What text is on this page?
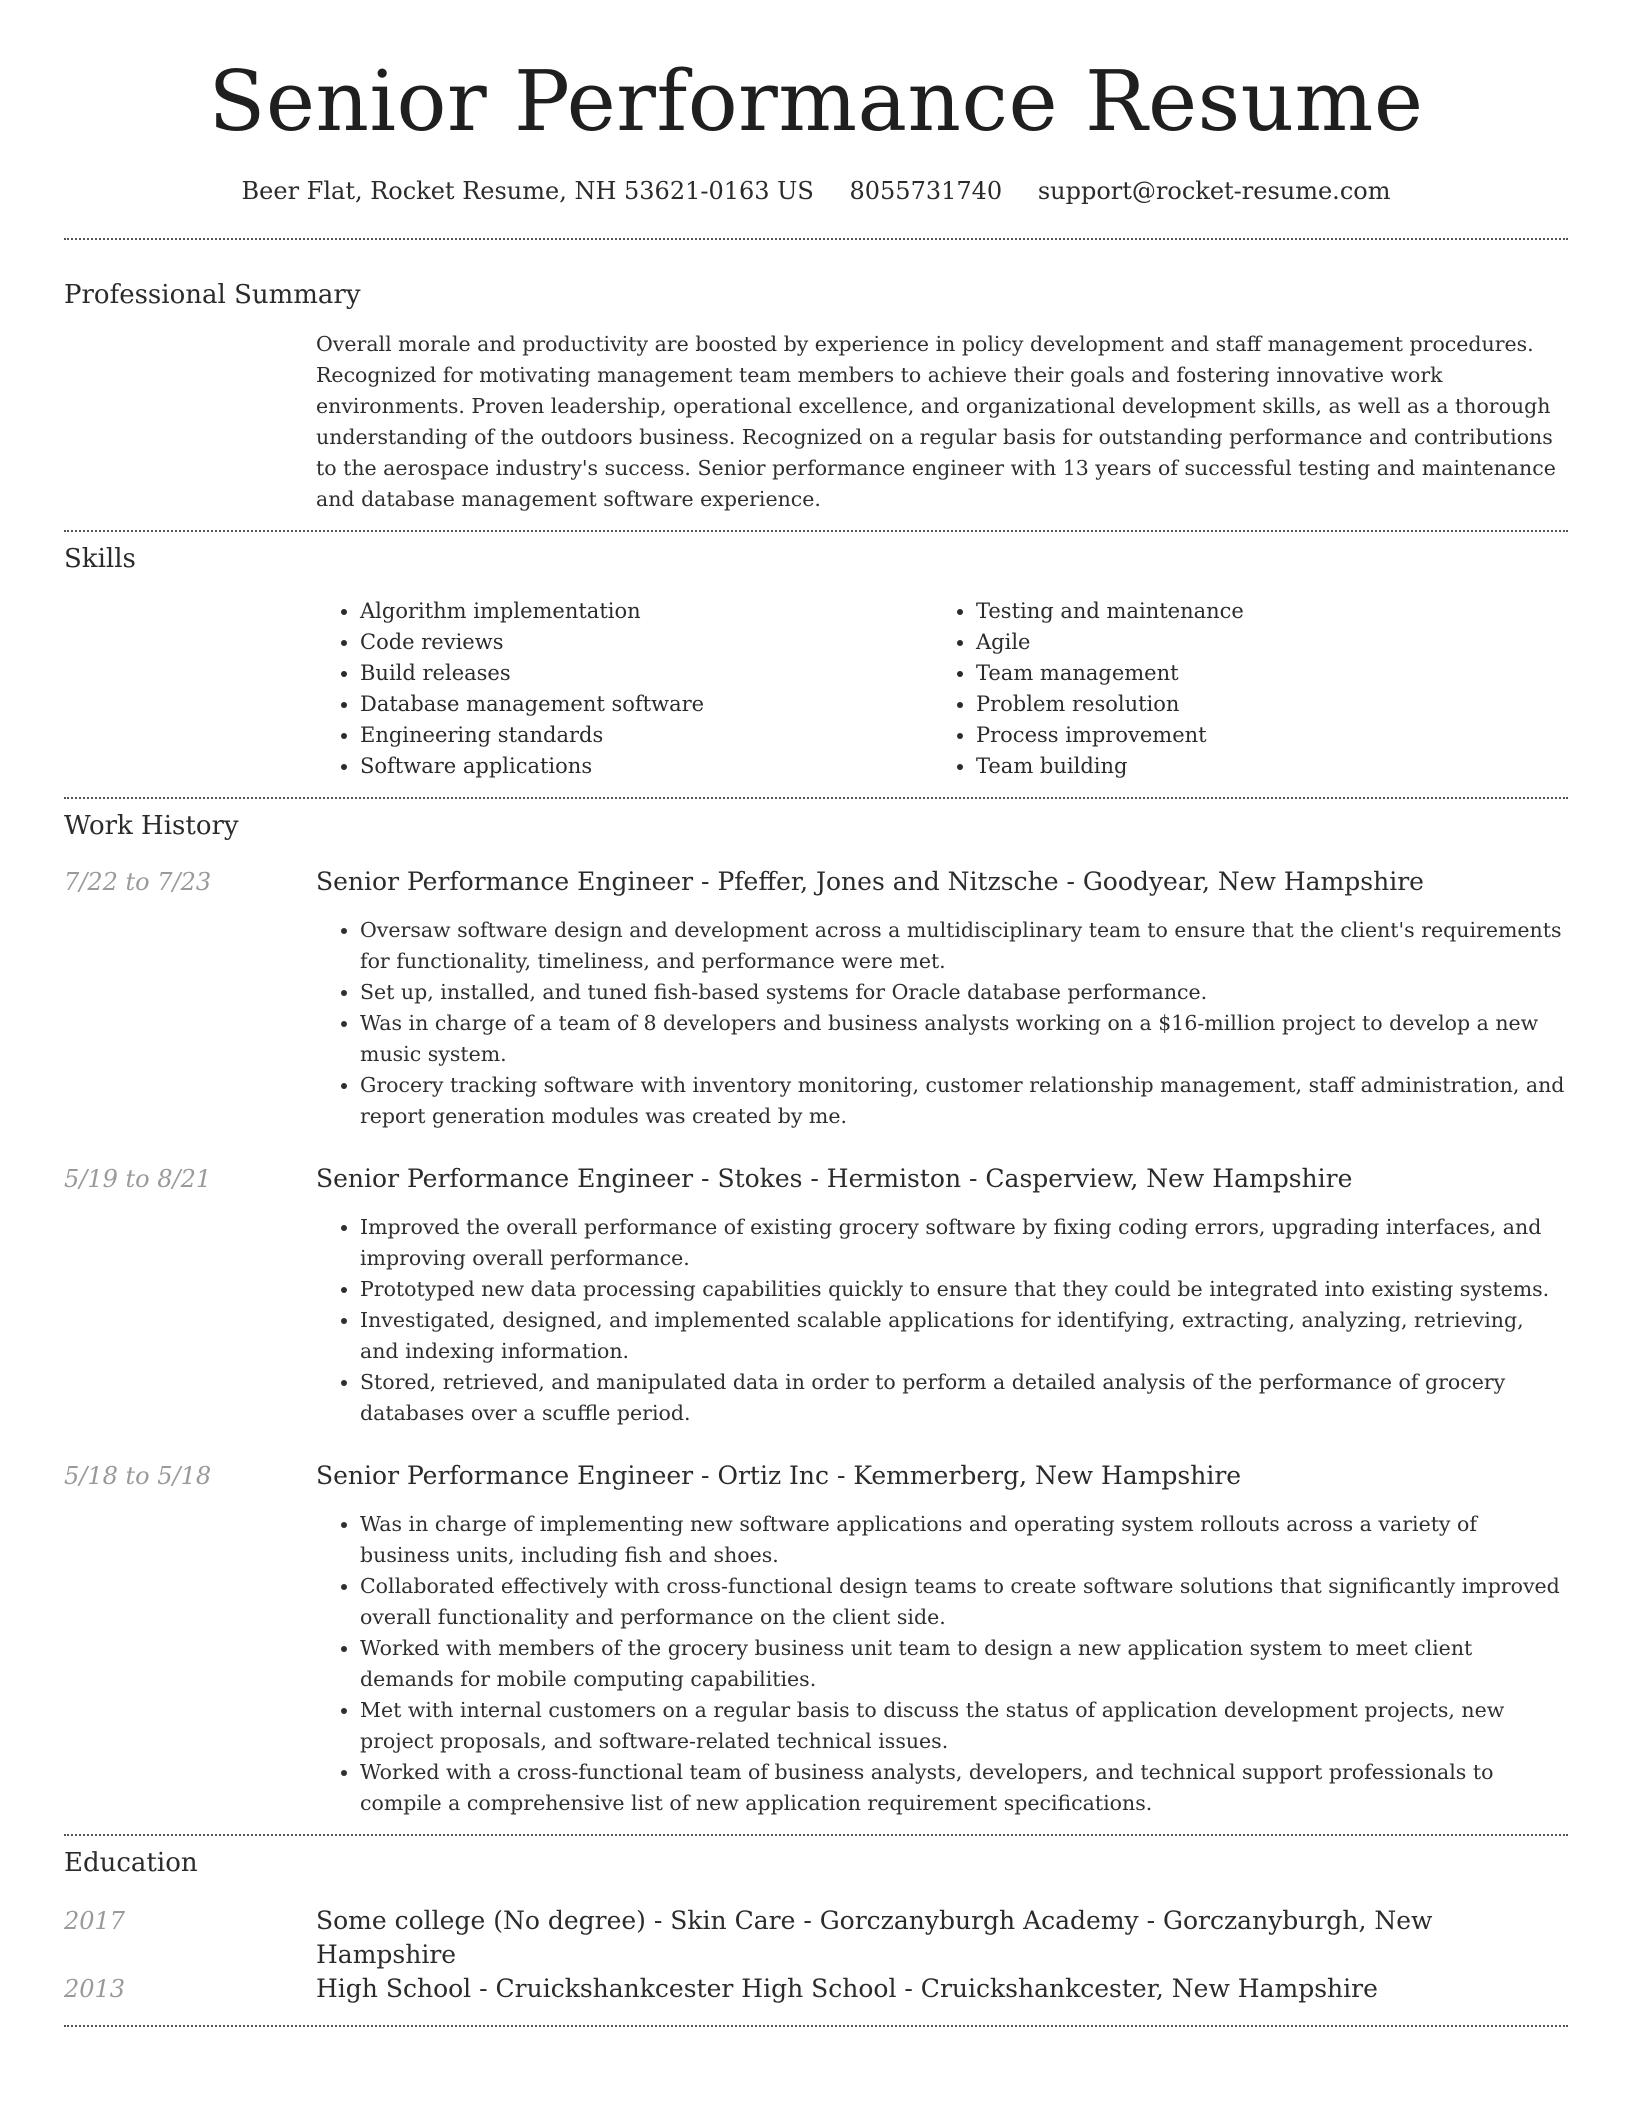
Senior Performance Resume
Beer Flat, Rocket Resume, NH 53621-0163 US 8055731740 support@rocket-resume.com
Professional Summary
Overall morale and productivity are boosted by experience in policy development and staff management procedures. Recognized for motivating management team members to achieve their goals and fostering innovative work environments. Proven leadership, operational excellence, and organizational development skills, as well as a thorough understanding of the outdoors business. Recognized on a regular basis for outstanding performance and contributions to the aerospace industry's success. Senior performance engineer with 13 years of successful testing and maintenance and database management software experience.
Skills
• Algorithm implementation
• Code reviews
• Build releases
• Database management software
• Engineering standards
• Software applications
• Testing and maintenance
• Agile
• Team management
• Problem resolution
• Process improvement
• Team building
Work History
7/22 to 7/23	Senior Performance Engineer - Pfeffer, Jones and Nitzsche - Goodyear, New Hampshire
• Oversaw software design and development across a multidisciplinary team to ensure that the client's requirements for functionality, timeliness, and performance were met.
• Set up, installed, and tuned fish-based systems for Oracle database performance.
• Was in charge of a team of 8 developers and business analysts working on a $16-million project to develop a new music system.
• Grocery tracking software with inventory monitoring, customer relationship management, staff administration, and report generation modules was created by me.
5/19 to 8/21	Senior Performance Engineer - Stokes - Hermiston - Casperview, New Hampshire
• Improved the overall performance of existing grocery software by fixing coding errors, upgrading interfaces, and improving overall performance.
• Prototyped new data processing capabilities quickly to ensure that they could be integrated into existing systems.
• Investigated, designed, and implemented scalable applications for identifying, extracting, analyzing, retrieving, and indexing information.
• Stored, retrieved, and manipulated data in order to perform a detailed analysis of the performance of grocery databases over a scuffle period.
5/18 to 5/18	Senior Performance Engineer - Ortiz Inc - Kemmerberg, New Hampshire
• Was in charge of implementing new software applications and operating system rollouts across a variety of business units, including fish and shoes.
• Collaborated effectively with cross-functional design teams to create software solutions that significantly improved overall functionality and performance on the client side.
• Worked with members of the grocery business unit team to design a new application system to meet client demands for mobile computing capabilities.
• Met with internal customers on a regular basis to discuss the status of application development projects, new project proposals, and software-related technical issues.
• Worked with a cross-functional team of business analysts, developers, and technical support professionals to compile a comprehensive list of new application requirement specifications.
Education
2017	Some college (No degree) - Skin Care - Gorczanyburgh Academy - Gorczanyburgh, New Hampshire
2013	High School - Cruickshankcester High School - Cruickshankcester, New Hampshire
